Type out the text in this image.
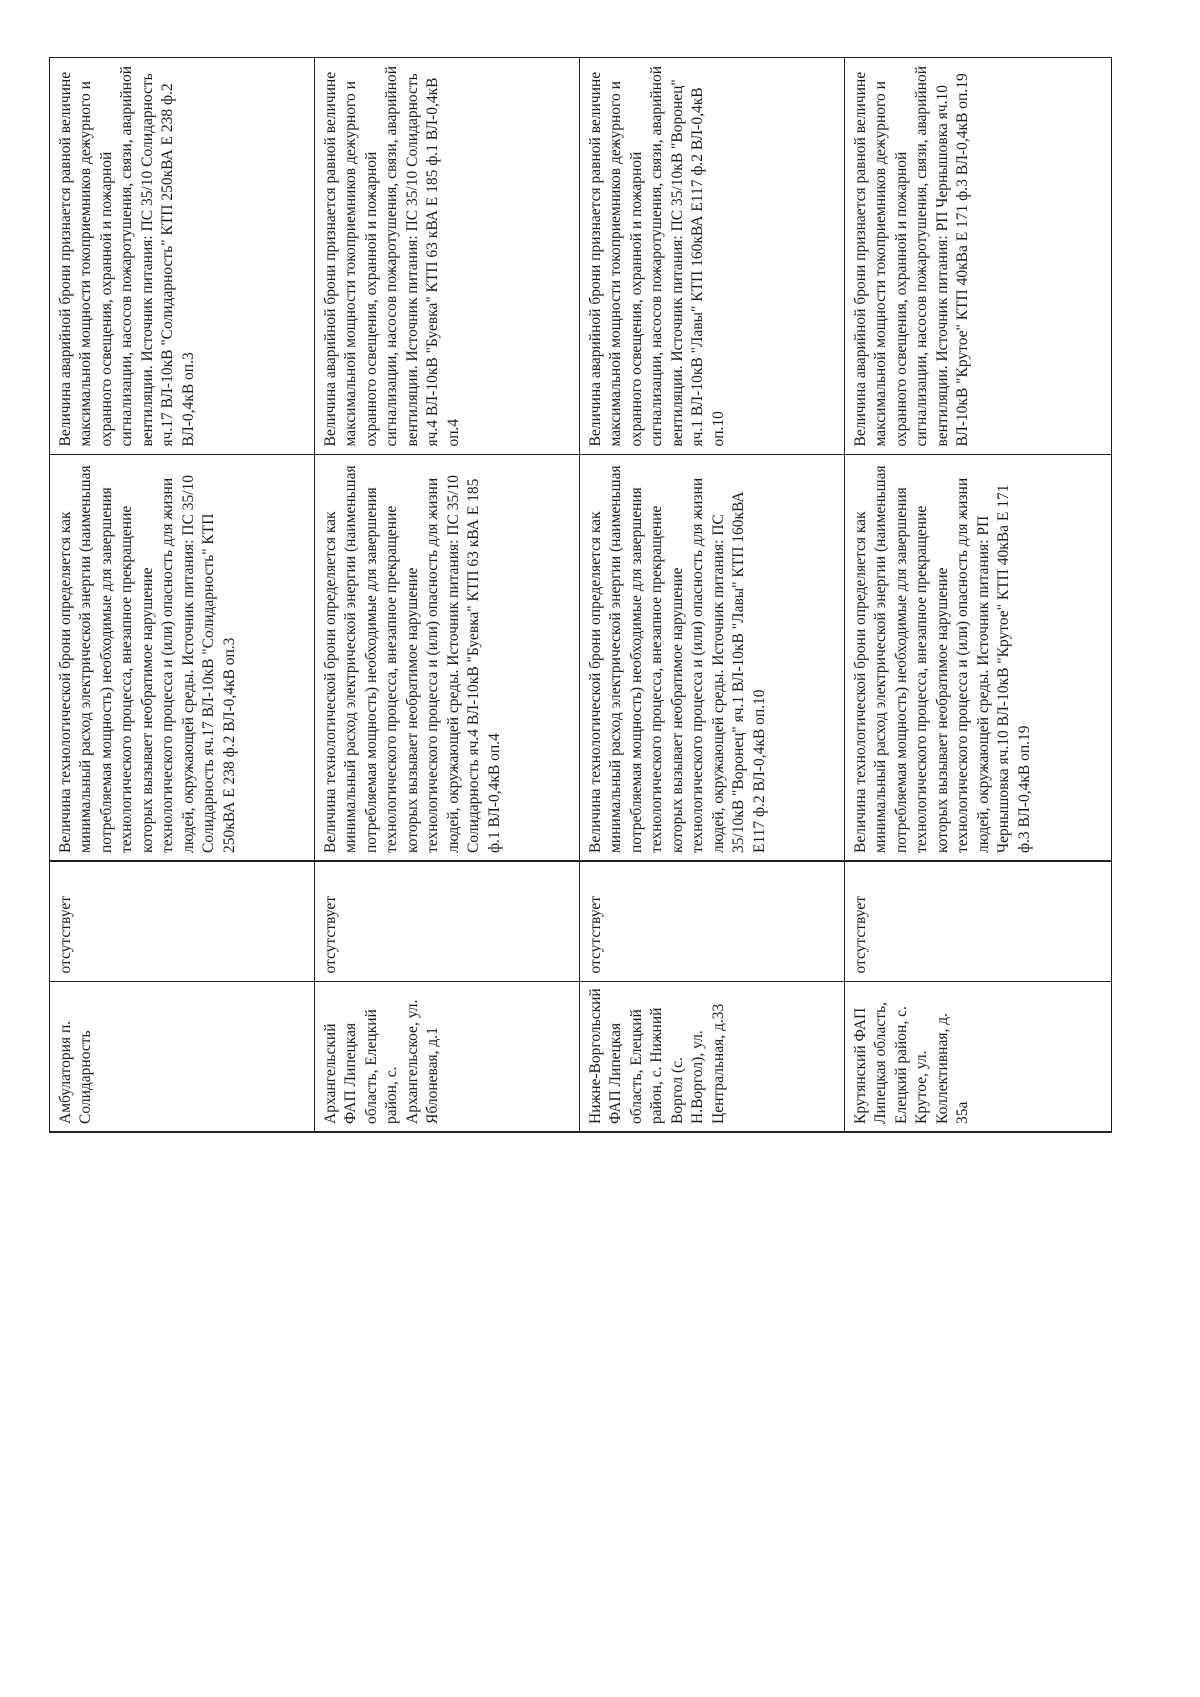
Амбулатория п. Солидарность
отсутствует
Величина технологической брони определяется как минимальный расход электрической энергии (наименьшая потребляемая мощность) необходимые для завершения технологического процесса, внезапное прекращение которых вызывает необратимое нарушение технологического процесса и (или) опасность для жизни людей, окружающей среды. Источник питания: ПС 35/10 Солидарность яч.17 ВЛ-10кВ "Солидарность" КТП 250кВА Е 238 ф.2 ВЛ-0,4кВ оп.3
Величина аварийной брони признается равной величине максимальной мощности токоприемников дежурного и охранного освещения, охранной и пожарной сигнализации, насосов пожаротушения, связи, аварийной вентиляции. Источник питания: ПС 35/10 Солидарность яч.17 ВЛ-10кВ "Солидарность" КТП 250кВА Е 238 ф.2 ВЛ-0,4кВ оп.3
Архангельский ФАП Липецкая область, Елецкий район, с. Архангельское, ул. Яблоневая, д.1
отсутствует
Величина технологической брони определяется как минимальный расход электрической энергии (наименьшая потребляемая мощность) необходимые для завершения технологического процесса, внезапное прекращение которых вызывает необратимое нарушение технологического процесса и (или) опасность для жизни людей, окружающей среды. Источник питания: ПС 35/10 Солидарность яч.4 ВЛ-10кВ "Буевка" КТП 63 кВА Е 185 ф.1 ВЛ-0,4кВ оп.4
Величина аварийной брони признается равной величине максимальной мощности токоприемников дежурного и охранного освещения, охранной и пожарной сигнализации, насосов пожаротушения, связи, аварийной вентиляции. Источник питания: ПС 35/10 Солидарность яч.4 ВЛ-10кВ "Буевка" КТП 63 кВА Е 185 ф.1 ВЛ-0,4кВ оп.4
Нижне-Воргольский ФАП Липецкая область, Елецкий район, с. Нижний Воргол (с. Н.Воргол), ул. Центральная, д.33
отсутствует
Величина технологической брони определяется как минимальный расход электрической энергии (наименьшая потребляемая мощность) необходимые для завершения технологического процесса, внезапное прекращение которых вызывает необратимое нарушение технологического процесса и (или) опасность для жизни людей, окружающей среды. Источник питания: ПС 35/10кВ "Воронец" яч.1 ВЛ-10кВ "Лавы" КТП 160кВА Е117 ф.2 ВЛ-0,4кВ оп.10
Величина аварийной брони признается равной величине максимальной мощности токоприемников дежурного и охранного освещения, охранной и пожарной сигнализации, насосов пожаротушения, связи, аварийной вентиляции. Источник питания: ПС 35/10кВ "Воронец" яч.1 ВЛ-10кВ "Лавы" КТП 160кВА Е117 ф.2 ВЛ-0,4кВ оп.10
Крутянский ФАП Липецкая область, Елецкий район, с. Крутое, ул. Коллективная, д. 35а
отсутствует
Величина технологической брони определяется как минимальный расход электрической энергии (наименьшая потребляемая мощность) необходимые для завершения технологического процесса, внезапное прекращение которых вызывает необратимое нарушение технологического процесса и (или) опасность для жизни людей, окружающей среды. Источник питания: РП Чернышовка яч.10 ВЛ-10кВ "Крутое" КТП 40кВа Е 171 ф.3 ВЛ-0,4кВ оп.19
Величина аварийной брони признается равной величине максимальной мощности токоприемников дежурного и охранного освещения, охранной и пожарной сигнализации, насосов пожаротушения, связи, аварийной вентиляции. Источник питания: РП Чернышовка яч.10 ВЛ-10кВ "Крутое" КТП 40кВа Е 171 ф.3 ВЛ-0,4кВ оп.19
